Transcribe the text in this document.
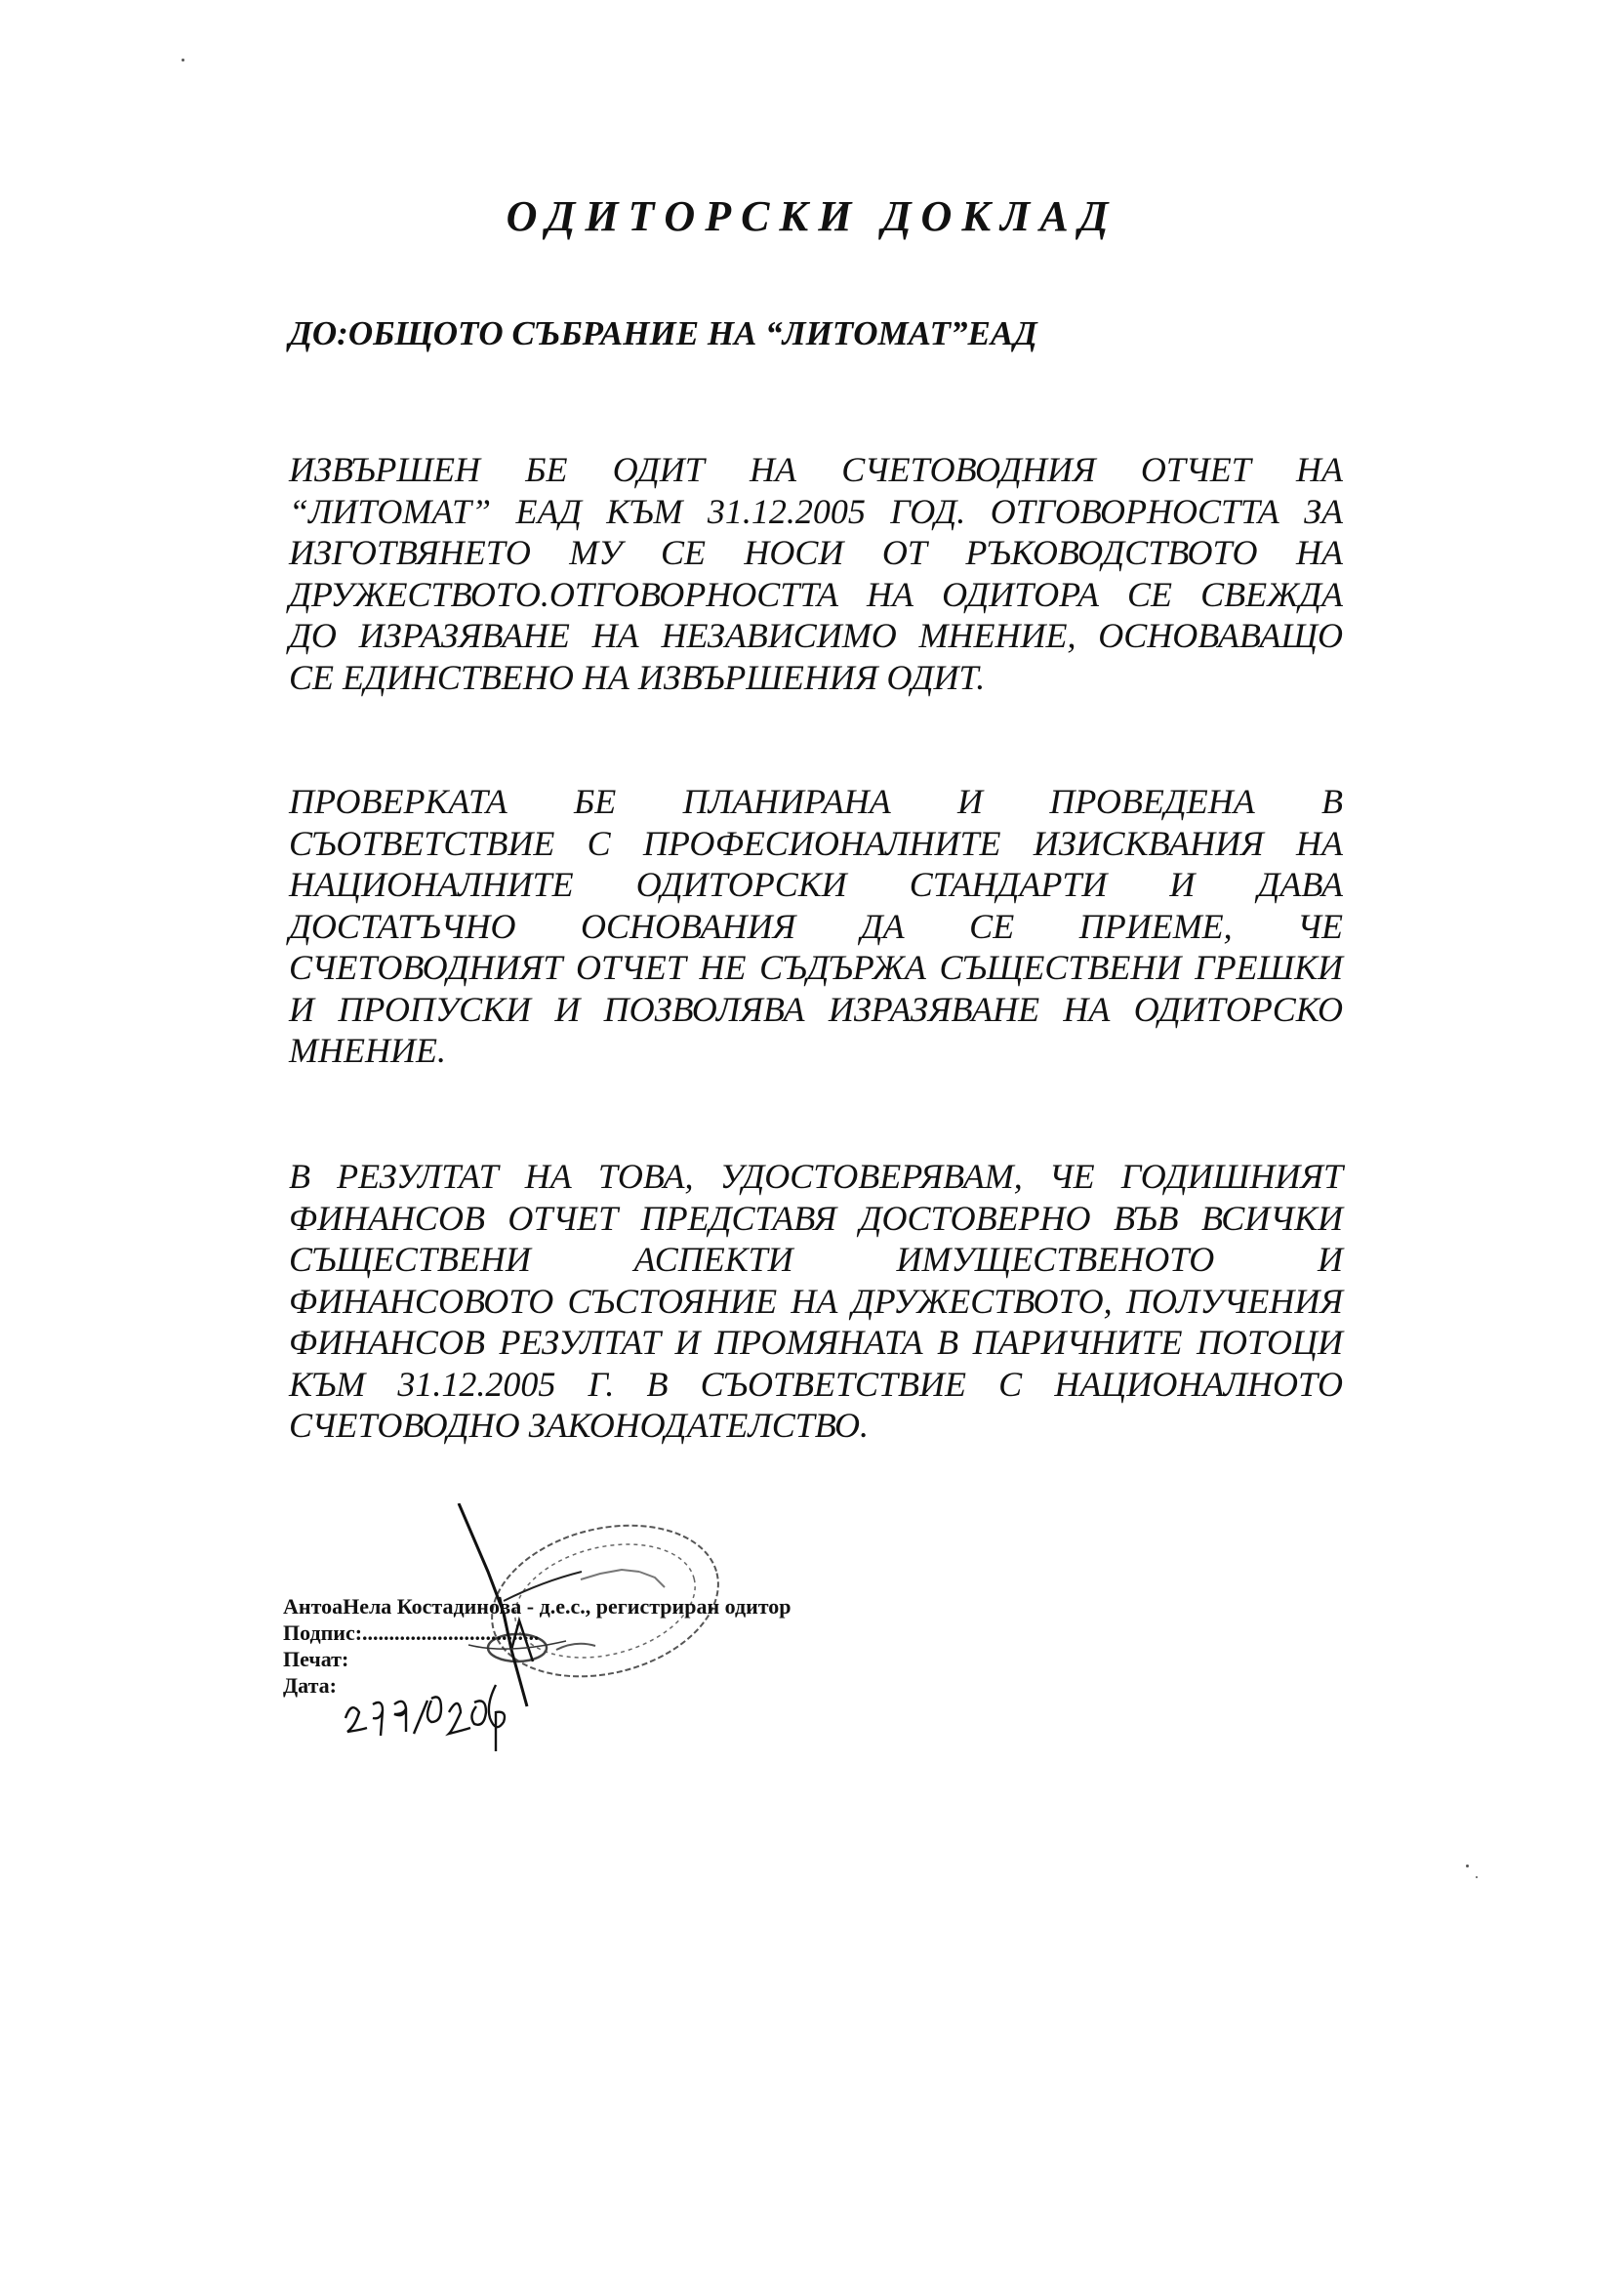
ОДИТОРСКИ ДОКЛАД
ДО:ОБЩОТО СЪБРАНИЕ НА “ЛИТОМАТ”ЕАД
ИЗВЪРШЕН БЕ ОДИТ НА СЧЕТОВОДНИЯ ОТЧЕТ НА
“ЛИТОМАТ” ЕАД КЪМ 31.12.2005 ГОД. ОТГОВОРНОСТТА ЗА
ИЗГОТВЯНЕТО МУ СЕ НОСИ ОТ РЪКОВОДСТВОТО НА
ДРУЖЕСТВОТО.ОТГОВОРНОСТТА НА ОДИТОРА СЕ СВЕЖДА
ДО ИЗРАЗЯВАНЕ НА НЕЗАВИСИМО МНЕНИЕ, ОСНОВАВАЩО
СЕ ЕДИНСТВЕНО НА ИЗВЪРШЕНИЯ ОДИТ.
ПРОВЕРКАТА БЕ ПЛАНИРАНА И ПРОВЕДЕНА В
СЪОТВЕТСТВИЕ С ПРОФЕСИОНАЛНИТЕ ИЗИСКВАНИЯ НА
НАЦИОНАЛНИТЕ ОДИТОРСКИ СТАНДАРТИ И ДАВА
ДОСТАТЪЧНО ОСНОВАНИЯ ДА СЕ ПРИЕМЕ, ЧЕ
СЧЕТОВОДНИЯТ ОТЧЕТ НЕ СЪДЪРЖА СЪЩЕСТВЕНИ ГРЕШКИ
И ПРОПУСКИ И ПОЗВОЛЯВА ИЗРАЗЯВАНЕ НА ОДИТОРСКО
МНЕНИЕ.
В РЕЗУЛТАТ НА ТОВА, УДОСТОВЕРЯВАМ, ЧЕ ГОДИШНИЯТ
ФИНАНСОВ ОТЧЕТ ПРЕДСТАВЯ ДОСТОВЕРНО ВЪВ ВСИЧКИ
СЪЩЕСТВЕНИ АСПЕКТИ ИМУЩЕСТВЕНОТО И
ФИНАНСОВОТО СЪСТОЯНИЕ НА ДРУЖЕСТВОТО, ПОЛУЧЕНИЯ
ФИНАНСОВ РЕЗУЛТАТ И ПРОМЯНАТА В ПАРИЧНИТЕ ПОТОЦИ
КЪМ 31.12.2005 Г. В СЪОТВЕТСТВИЕ С НАЦИОНАЛНОТО
СЧЕТОВОДНО ЗАКОНОДАТЕЛСТВО.
АнтоаНела Костадинова - д.е.с., регистриран одитор
Подпис:.................................
Печат:
Дата:
